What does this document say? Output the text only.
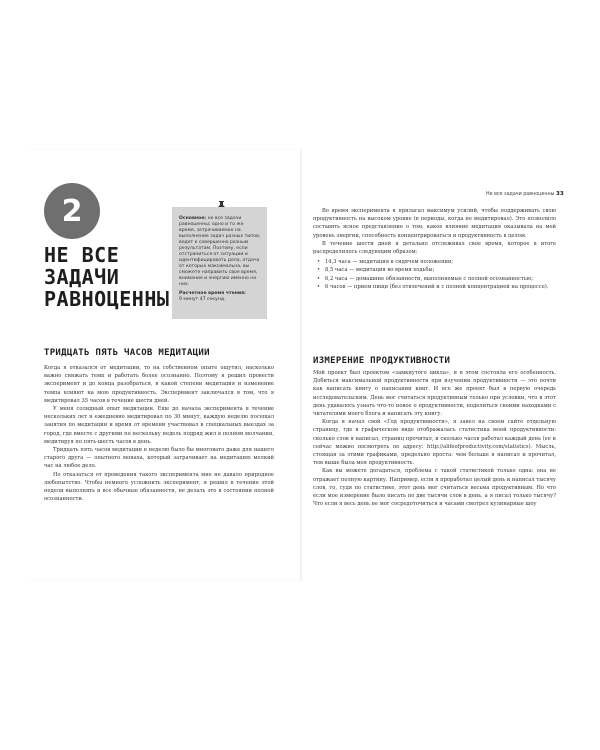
2
НЕ ВСЕ ЗАДАЧИ РАВНОЦЕННЫ
Основное: не все задачи равноценны; одно и то же время, затрачиваемое на выполнение задач разных типов, ведет к совершенно разным результатам. Поэтому, если отстраниться от ситуации и идентифицировать дела, отдача от которых максимальна, вы сможете направить свое время, внимание и энергию именно на них.
Расчетное время чтения:
9 минут 47 секунд.
ТРИДЦАТЬ ПЯТЬ ЧАСОВ МЕДИТАЦИИ

Когда я отказался от медитации, то на собственном опыте ощутил, насколько важно снижать темп и работать более осознанно. Поэтому я решил провести эксперимент и до конца разобраться, в какой степени медитация и изменение темпа влияют на мою продуктивность. Эксперимент заключался в том, что я медитировал 35 часов в течение шести дней.

У меня солидный опыт медитации. Еще до начала эксперимента в течение нескольких лет я ежедневно медитировал по 30 минут, каждую неделю посещал занятия по медитации и время от времени участвовал в специальных выездах за город, где вместе с другими по нескольку недель подряд жил в полном молчании, медитируя по пять-шесть часов в день.

Тридцать пять часов медитации в неделю было бы многовато даже для нашего старого друга — опытного монаха, который затрачивает на медитацию мелкий час на любое дело.

Но отказаться от проведения такого эксперимента мне не давало природное любопытство. Чтобы немного усложнить эксперимент, я решил в течение этой недели выполнять и все обычные обязанности, не делать это в состоянии полной осознанности.

Не все задачи равноценны 33

Во время эксперимента я прилагал максимум усилий, чтобы поддерживать свою продуктивность на высоком уровне (в периоды, когда не медитировал). Это позволило составить ясное представление о том, какое влияние медитация оказывала на мой уровень энергии, способность концентрироваться и продуктивность в целом.

В течение шести дней я детально отслеживал свое время, которое в итоге распределилось следующим образом:

• 14,3 часа — медитация в сидячем положении;
• 8,5 часа — медитация во время ходьбы;
• 6,2 часа — домашние обязанности, выполняемые с полной осознанностью;
• 6 часов — прием пищи (без отвлечений и с полной концентрацией на процессе).
ИЗМЕРЕНИЕ ПРОДУКТИВНОСТИ

Мой проект был проектом «замкнутого цикла», и в этом состояла его особенность. Добиться максимальной продуктивности при изучении продуктивности — это почти как написать книгу о написании книг. И все же проект был в первую очередь исследовательским. День мог считаться продуктивным только при условии, что в этот день удавалось узнать что-то новое о продуктивности, поделиться своими находками с читателями моего блога и написать эту книгу.

Когда я начал свой «Год продуктивности», я завел на своем сайте отдельную страницу, где в графическом виде отображалась статистика моей продуктивности: сколько слов я написал, страниц прочитал, и сколько часов работал каждый день (ее и сейчас можно посмотреть по адресу: http://alifeofproductivity.com/statistics). Мысль, стоящая за этими графиками, предельно проста: чем больше я написал и прочитал, тем выше была моя продуктивность.

Как вы можете догадаться, проблема с такой статистикой только одна: она не отражает полную картину. Например, если я проработал целый день и написал тысячу слов, то, судя по статистике, этот день мог считаться весьма продуктивным. Но что если мое измерение было писать по две тысячи слов в день, а я писал только тысячу? Что если я весь день не мог сосредоточиться и часами смотрел кулинарные шоу
